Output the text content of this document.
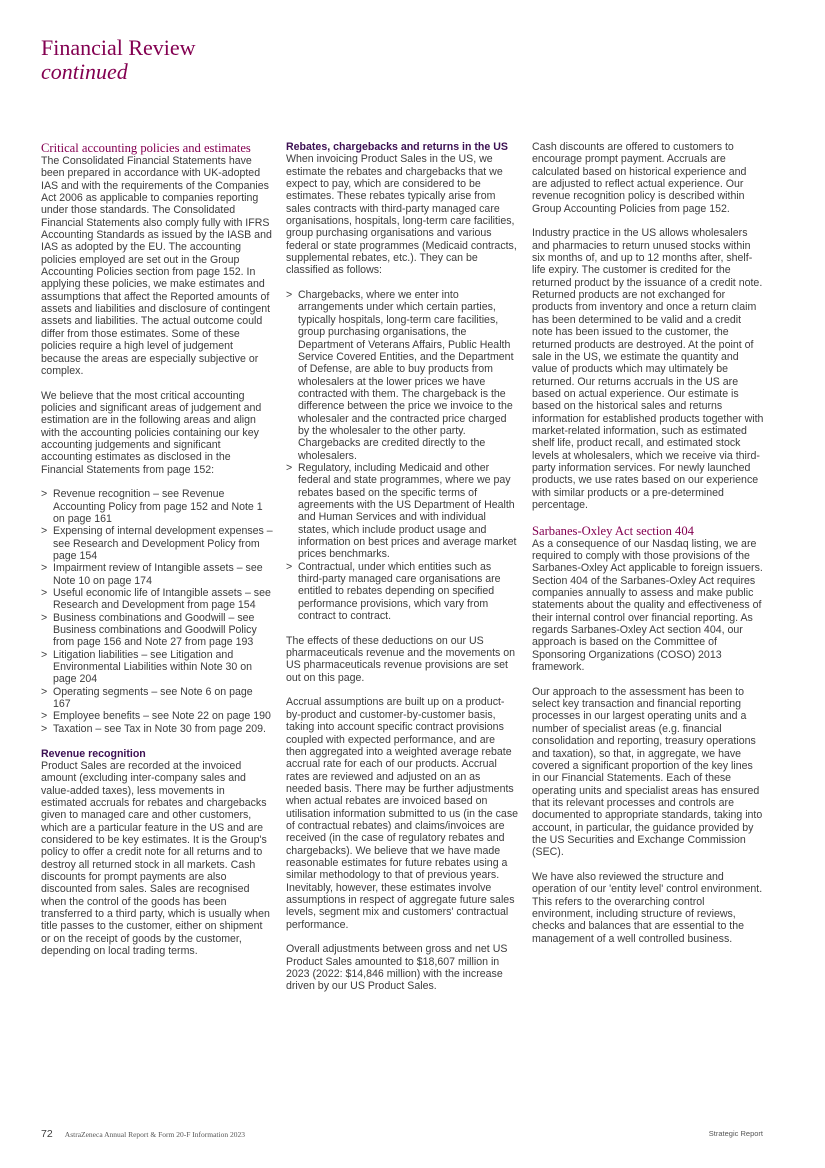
Financial Review
continued
Critical accounting policies and estimates

The Consolidated Financial Statements have been prepared in accordance with UK-adopted IAS and with the requirements of the Companies Act 2006 as applicable to companies reporting under those standards. The Consolidated Financial Statements also comply fully with IFRS Accounting Standards as issued by the IASB and IAS as adopted by the EU. The accounting policies employed are set out in the Group Accounting Policies section from page 152. In applying these policies, we make estimates and assumptions that affect the Reported amounts of assets and liabilities and disclosure of contingent assets and liabilities. The actual outcome could differ from those estimates. Some of these policies require a high level of judgement because the areas are especially subjective or complex.

We believe that the most critical accounting policies and significant areas of judgement and estimation are in the following areas and align with the accounting policies containing our key accounting judgements and significant accounting estimates as disclosed in the Financial Statements from page 152:

> Revenue recognition – see Revenue Accounting Policy from page 152 and Note 1 on page 161
> Expensing of internal development expenses – see Research and Development Policy from page 154
> Impairment review of Intangible assets – see Note 10 on page 174
> Useful economic life of Intangible assets – see Research and Development from page 154
> Business combinations and Goodwill – see Business combinations and Goodwill Policy from page 156 and Note 27 from page 193
> Litigation liabilities – see Litigation and Environmental Liabilities within Note 30 on page 204
> Operating segments – see Note 6 on page 167
> Employee benefits – see Note 22 on page 190
> Taxation – see Tax in Note 30 from page 209.
Revenue recognition

Product Sales are recorded at the invoiced amount (excluding inter-company sales and value-added taxes), less movements in estimated accruals for rebates and chargebacks given to managed care and other customers, which are a particular feature in the US and are considered to be key estimates. It is the Group's policy to offer a credit note for all returns and to destroy all returned stock in all markets. Cash discounts for prompt payments are also discounted from sales. Sales are recognised when the control of the goods has been transferred to a third party, which is usually when title passes to the customer, either on shipment or on the receipt of goods by the customer, depending on local trading terms.

Rebates, chargebacks and returns in the US

When invoicing Product Sales in the US, we estimate the rebates and chargebacks that we expect to pay, which are considered to be estimates. These rebates typically arise from sales contracts with third-party managed care organisations, hospitals, long-term care facilities, group purchasing organisations and various federal or state programmes (Medicaid contracts, supplemental rebates, etc.). They can be classified as follows:

> Chargebacks, where we enter into arrangements under which certain parties, typically hospitals, long-term care facilities, group purchasing organisations, the Department of Veterans Affairs, Public Health Service Covered Entities, and the Department of Defense, are able to buy products from wholesalers at the lower prices we have contracted with them. The chargeback is the difference between the price we invoice to the wholesaler and the contracted price charged by the wholesaler to the other party. Chargebacks are credited directly to the wholesalers.
> Regulatory, including Medicaid and other federal and state programmes, where we pay rebates based on the specific terms of agreements with the US Department of Health and Human Services and with individual states, which include product usage and information on best prices and average market prices benchmarks.
> Contractual, under which entities such as third-party managed care organisations are entitled to rebates depending on specified performance provisions, which vary from contract to contract.

The effects of these deductions on our US pharmaceuticals revenue and the movements on US pharmaceuticals revenue provisions are set out on this page.

Accrual assumptions are built up on a product-by-product and customer-by-customer basis, taking into account specific contract provisions coupled with expected performance, and are then aggregated into a weighted average rebate accrual rate for each of our products. Accrual rates are reviewed and adjusted on an as needed basis. There may be further adjustments when actual rebates are invoiced based on utilisation information submitted to us (in the case of contractual rebates) and claims/invoices are received (in the case of regulatory rebates and chargebacks). We believe that we have made reasonable estimates for future rebates using a similar methodology to that of previous years. Inevitably, however, these estimates involve assumptions in respect of aggregate future sales levels, segment mix and customers' contractual performance.

Overall adjustments between gross and net US Product Sales amounted to $18,607 million in 2023 (2022: $14,846 million) with the increase driven by our US Product Sales.

Cash discounts are offered to customers to encourage prompt payment. Accruals are calculated based on historical experience and are adjusted to reflect actual experience. Our revenue recognition policy is described within Group Accounting Policies from page 152.

Industry practice in the US allows wholesalers and pharmacies to return unused stocks within six months of, and up to 12 months after, shelf-life expiry. The customer is credited for the returned product by the issuance of a credit note. Returned products are not exchanged for products from inventory and once a return claim has been determined to be valid and a credit note has been issued to the customer, the returned products are destroyed. At the point of sale in the US, we estimate the quantity and value of products which may ultimately be returned. Our returns accruals in the US are based on actual experience. Our estimate is based on the historical sales and returns information for established products together with market-related information, such as estimated shelf life, product recall, and estimated stock levels at wholesalers, which we receive via third-party information services. For newly launched products, we use rates based on our experience with similar products or a pre-determined percentage.

Sarbanes-Oxley Act section 404

As a consequence of our Nasdaq listing, we are required to comply with those provisions of the Sarbanes-Oxley Act applicable to foreign issuers. Section 404 of the Sarbanes-Oxley Act requires companies annually to assess and make public statements about the quality and effectiveness of their internal control over financial reporting. As regards Sarbanes-Oxley Act section 404, our approach is based on the Committee of Sponsoring Organizations (COSO) 2013 framework.

Our approach to the assessment has been to select key transaction and financial reporting processes in our largest operating units and a number of specialist areas (e.g. financial consolidation and reporting, treasury operations and taxation), so that, in aggregate, we have covered a significant proportion of the key lines in our Financial Statements. Each of these operating units and specialist areas has ensured that its relevant processes and controls are documented to appropriate standards, taking into account, in particular, the guidance provided by the US Securities and Exchange Commission (SEC).

We have also reviewed the structure and operation of our 'entity level' control environment. This refers to the overarching control environment, including structure of reviews, checks and balances that are essential to the management of a well controlled business.

72 AstraZeneca Annual Report & Form 20-F Information 2023	Strategic Report
